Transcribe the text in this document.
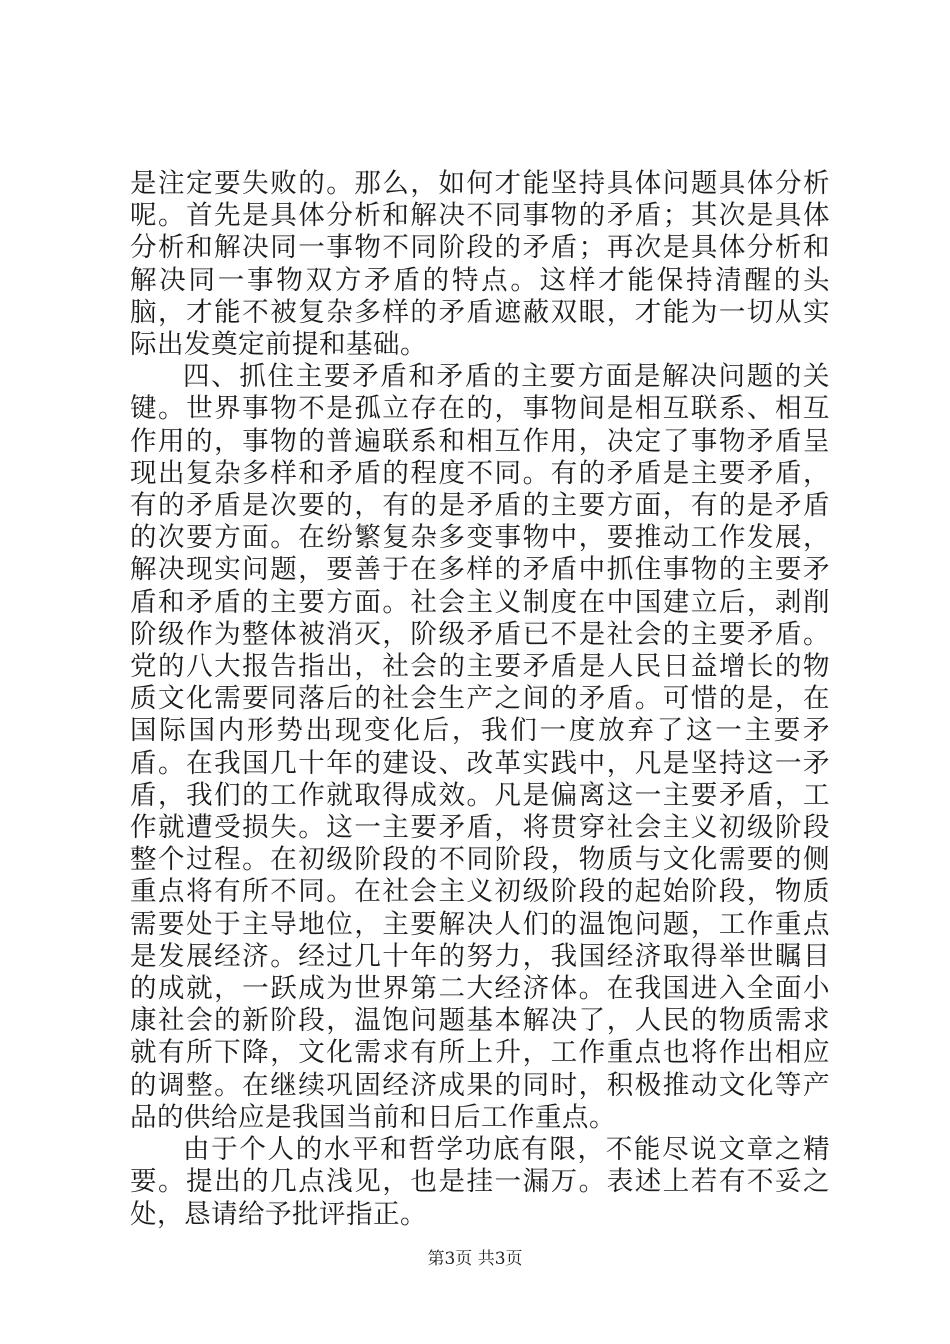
是注定要失败的。那么，如何才能坚持具体问题具体分析呢。首先是具体分析和解决不同事物的矛盾；其次是具体分析和解决同一事物不同阶段的矛盾；再次是具体分析和解决同一事物双方矛盾的特点。这样才能保持清醒的头脑，才能不被复杂多样的矛盾遮蔽双眼，才能为一切从实际出发奠定前提和基础。

四、抓住主要矛盾和矛盾的主要方面是解决问题的关键。世界事物不是孤立存在的，事物间是相互联系、相互作用的，事物的普遍联系和相互作用，决定了事物矛盾呈现出复杂多样和矛盾的程度不同。有的矛盾是主要矛盾，有的矛盾是次要的，有的是矛盾的主要方面，有的是矛盾的次要方面。在纷繁复杂多变事物中，要推动工作发展，解决现实问题，要善于在多样的矛盾中抓住事物的主要矛盾和矛盾的主要方面。社会主义制度在中国建立后，剥削阶级作为整体被消灭，阶级矛盾已不是社会的主要矛盾。党的八大报告指出，社会的主要矛盾是人民日益增长的物质文化需要同落后的社会生产之间的矛盾。可惜的是，在国际国内形势出现变化后，我们一度放弃了这一主要矛盾。在我国几十年的建设、改革实践中，凡是坚持这一矛盾，我们的工作就取得成效。凡是偏离这一主要矛盾，工作就遭受损失。这一主要矛盾，将贯穿社会主义初级阶段整个过程。在初级阶段的不同阶段，物质与文化需要的侧重点将有所不同。在社会主义初级阶段的起始阶段，物质需要处于主导地位，主要解决人们的温饱问题，工作重点是发展经济。经过几十年的努力，我国经济取得举世瞩目的成就，一跃成为世界第二大经济体。在我国进入全面小康社会的新阶段，温饱问题基本解决了，人民的物质需求就有所下降，文化需求有所上升，工作重点也将作出相应的调整。在继续巩固经济成果的同时，积极推动文化等产品的供给应是我国当前和日后工作重点。

由于个人的水平和哲学功底有限，不能尽说文章之精要。提出的几点浅见，也是挂一漏万。表述上若有不妥之处，恳请给予批评指正。

第3页 共3页
